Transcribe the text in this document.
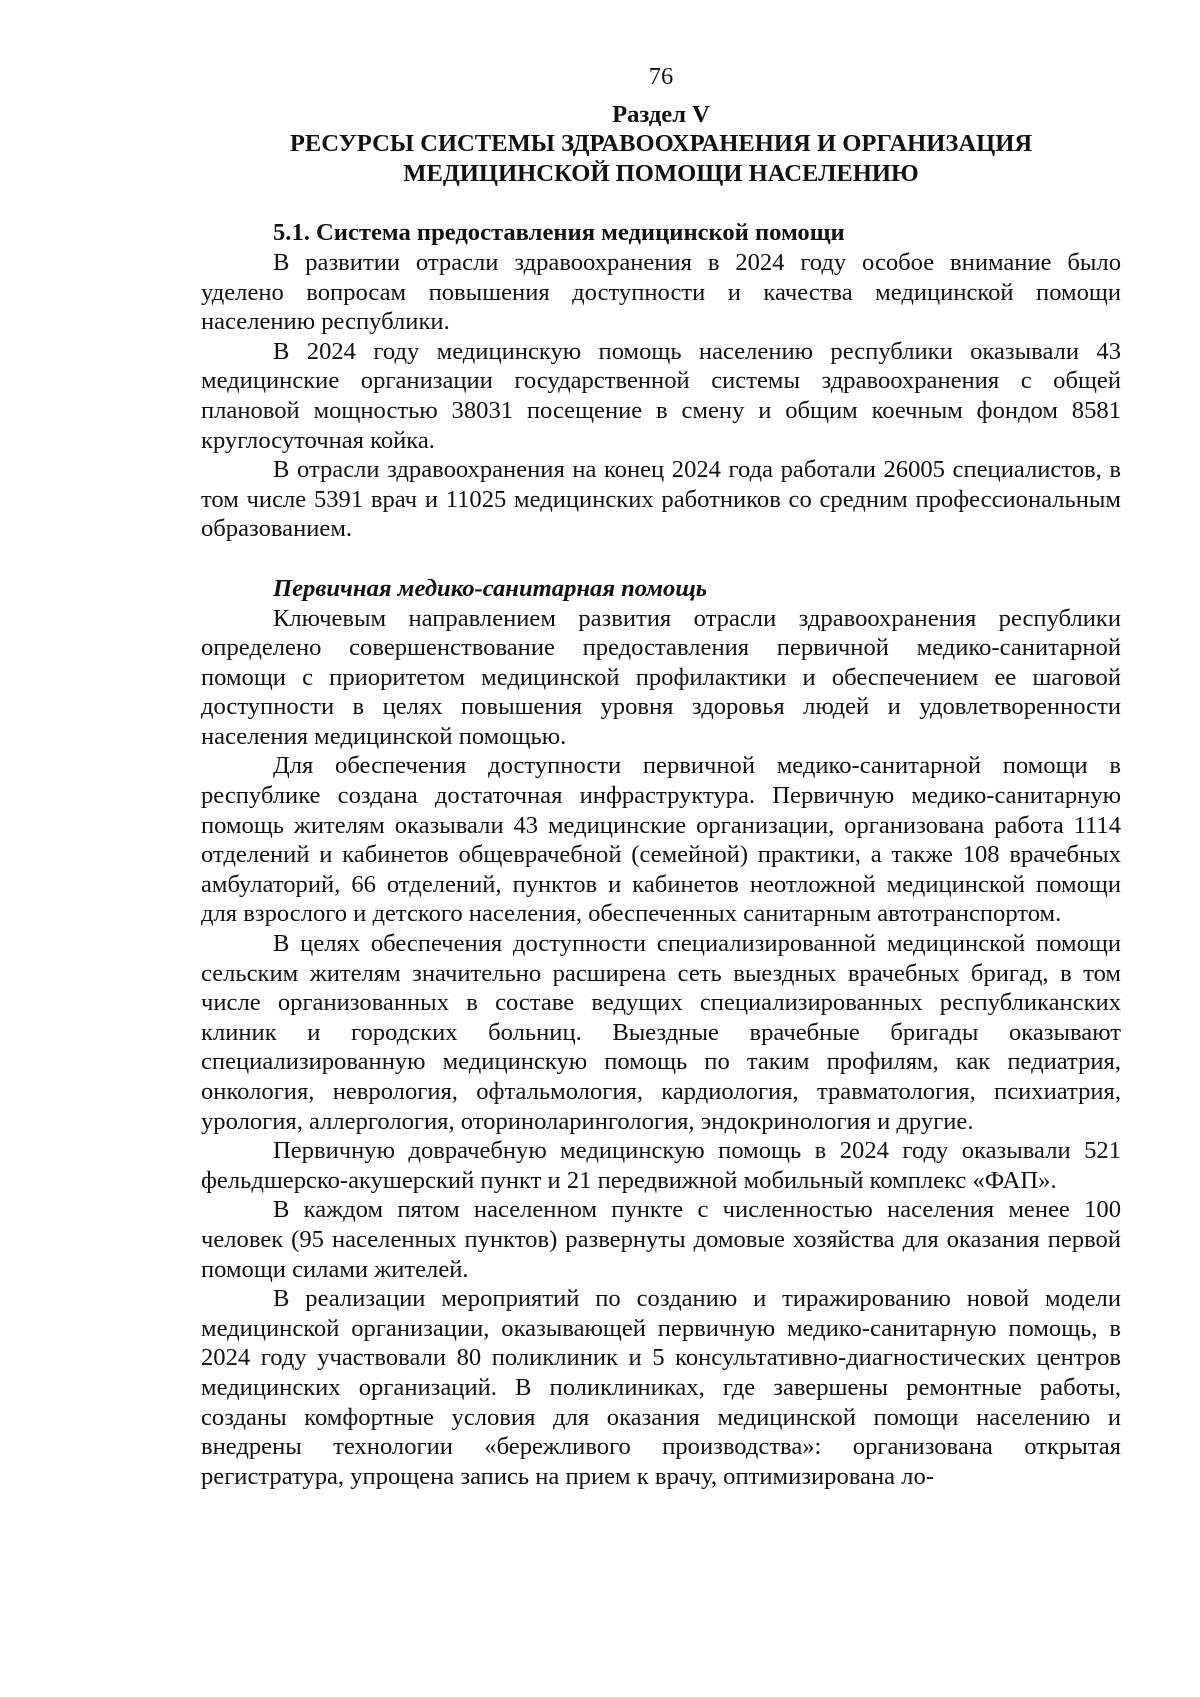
76
Раздел V
РЕСУРСЫ СИСТЕМЫ ЗДРАВООХРАНЕНИЯ И ОРГАНИЗАЦИЯ
МЕДИЦИНСКОЙ ПОМОЩИ НАСЕЛЕНИЮ
5.1. Система предоставления медицинской помощи

В развитии отрасли здравоохранения в 2024 году особое внимание было уделено вопросам повышения доступности и качества медицинской помощи населению республики.

В 2024 году медицинскую помощь населению республики оказывали 43 медицинские организации государственной системы здравоохранения с общей плановой мощностью 38031 посещение в смену и общим коечным фондом 8581 круглосуточная койка.

В отрасли здравоохранения на конец 2024 года работали 26005 специалистов, в том числе 5391 врач и 11025 медицинских работников со средним профессиональным образованием.

Первичная медико-санитарная помощь

Ключевым направлением развития отрасли здравоохранения республики определено совершенствование предоставления первичной медико-санитарной помощи с приоритетом медицинской профилактики и обеспечением ее шаговой доступности в целях повышения уровня здоровья людей и удовлетворенности населения медицинской помощью.

Для обеспечения доступности первичной медико-санитарной помощи в республике создана достаточная инфраструктура. Первичную медико-санитарную помощь жителям оказывали 43 медицинские организации, организована работа 1114 отделений и кабинетов общеврачебной (семейной) практики, а также 108 врачебных амбулаторий, 66 отделений, пунктов и кабинетов неотложной медицинской помощи для взрослого и детского населения, обеспеченных санитарным автотранспортом.

В целях обеспечения доступности специализированной медицинской помощи сельским жителям значительно расширена сеть выездных врачебных бригад, в том числе организованных в составе ведущих специализированных республиканских клиник и городских больниц. Выездные врачебные бригады оказывают специализированную медицинскую помощь по таким профилям, как педиатрия, онкология, неврология, офтальмология, кардиология, травматология, психиатрия, урология, аллергология, оториноларингология, эндокринология и другие.

Первичную доврачебную медицинскую помощь в 2024 году оказывали 521 фельдшерско-акушерский пункт и 21 передвижной мобильный комплекс «ФАП».

В каждом пятом населенном пункте с численностью населения менее 100 человек (95 населенных пунктов) развернуты домовые хозяйства для оказания первой помощи силами жителей.

В реализации мероприятий по созданию и тиражированию новой модели медицинской организации, оказывающей первичную медико-санитарную помощь, в 2024 году участвовали 80 поликлиник и 5 консультативно-диагностических центров медицинских организаций. В поликлиниках, где завершены ремонтные работы, созданы комфортные условия для оказания медицинской помощи населению и внедрены технологии «бережливого производства»: организована открытая регистратура, упрощена запись на прием к врачу, оптимизирована ло-
